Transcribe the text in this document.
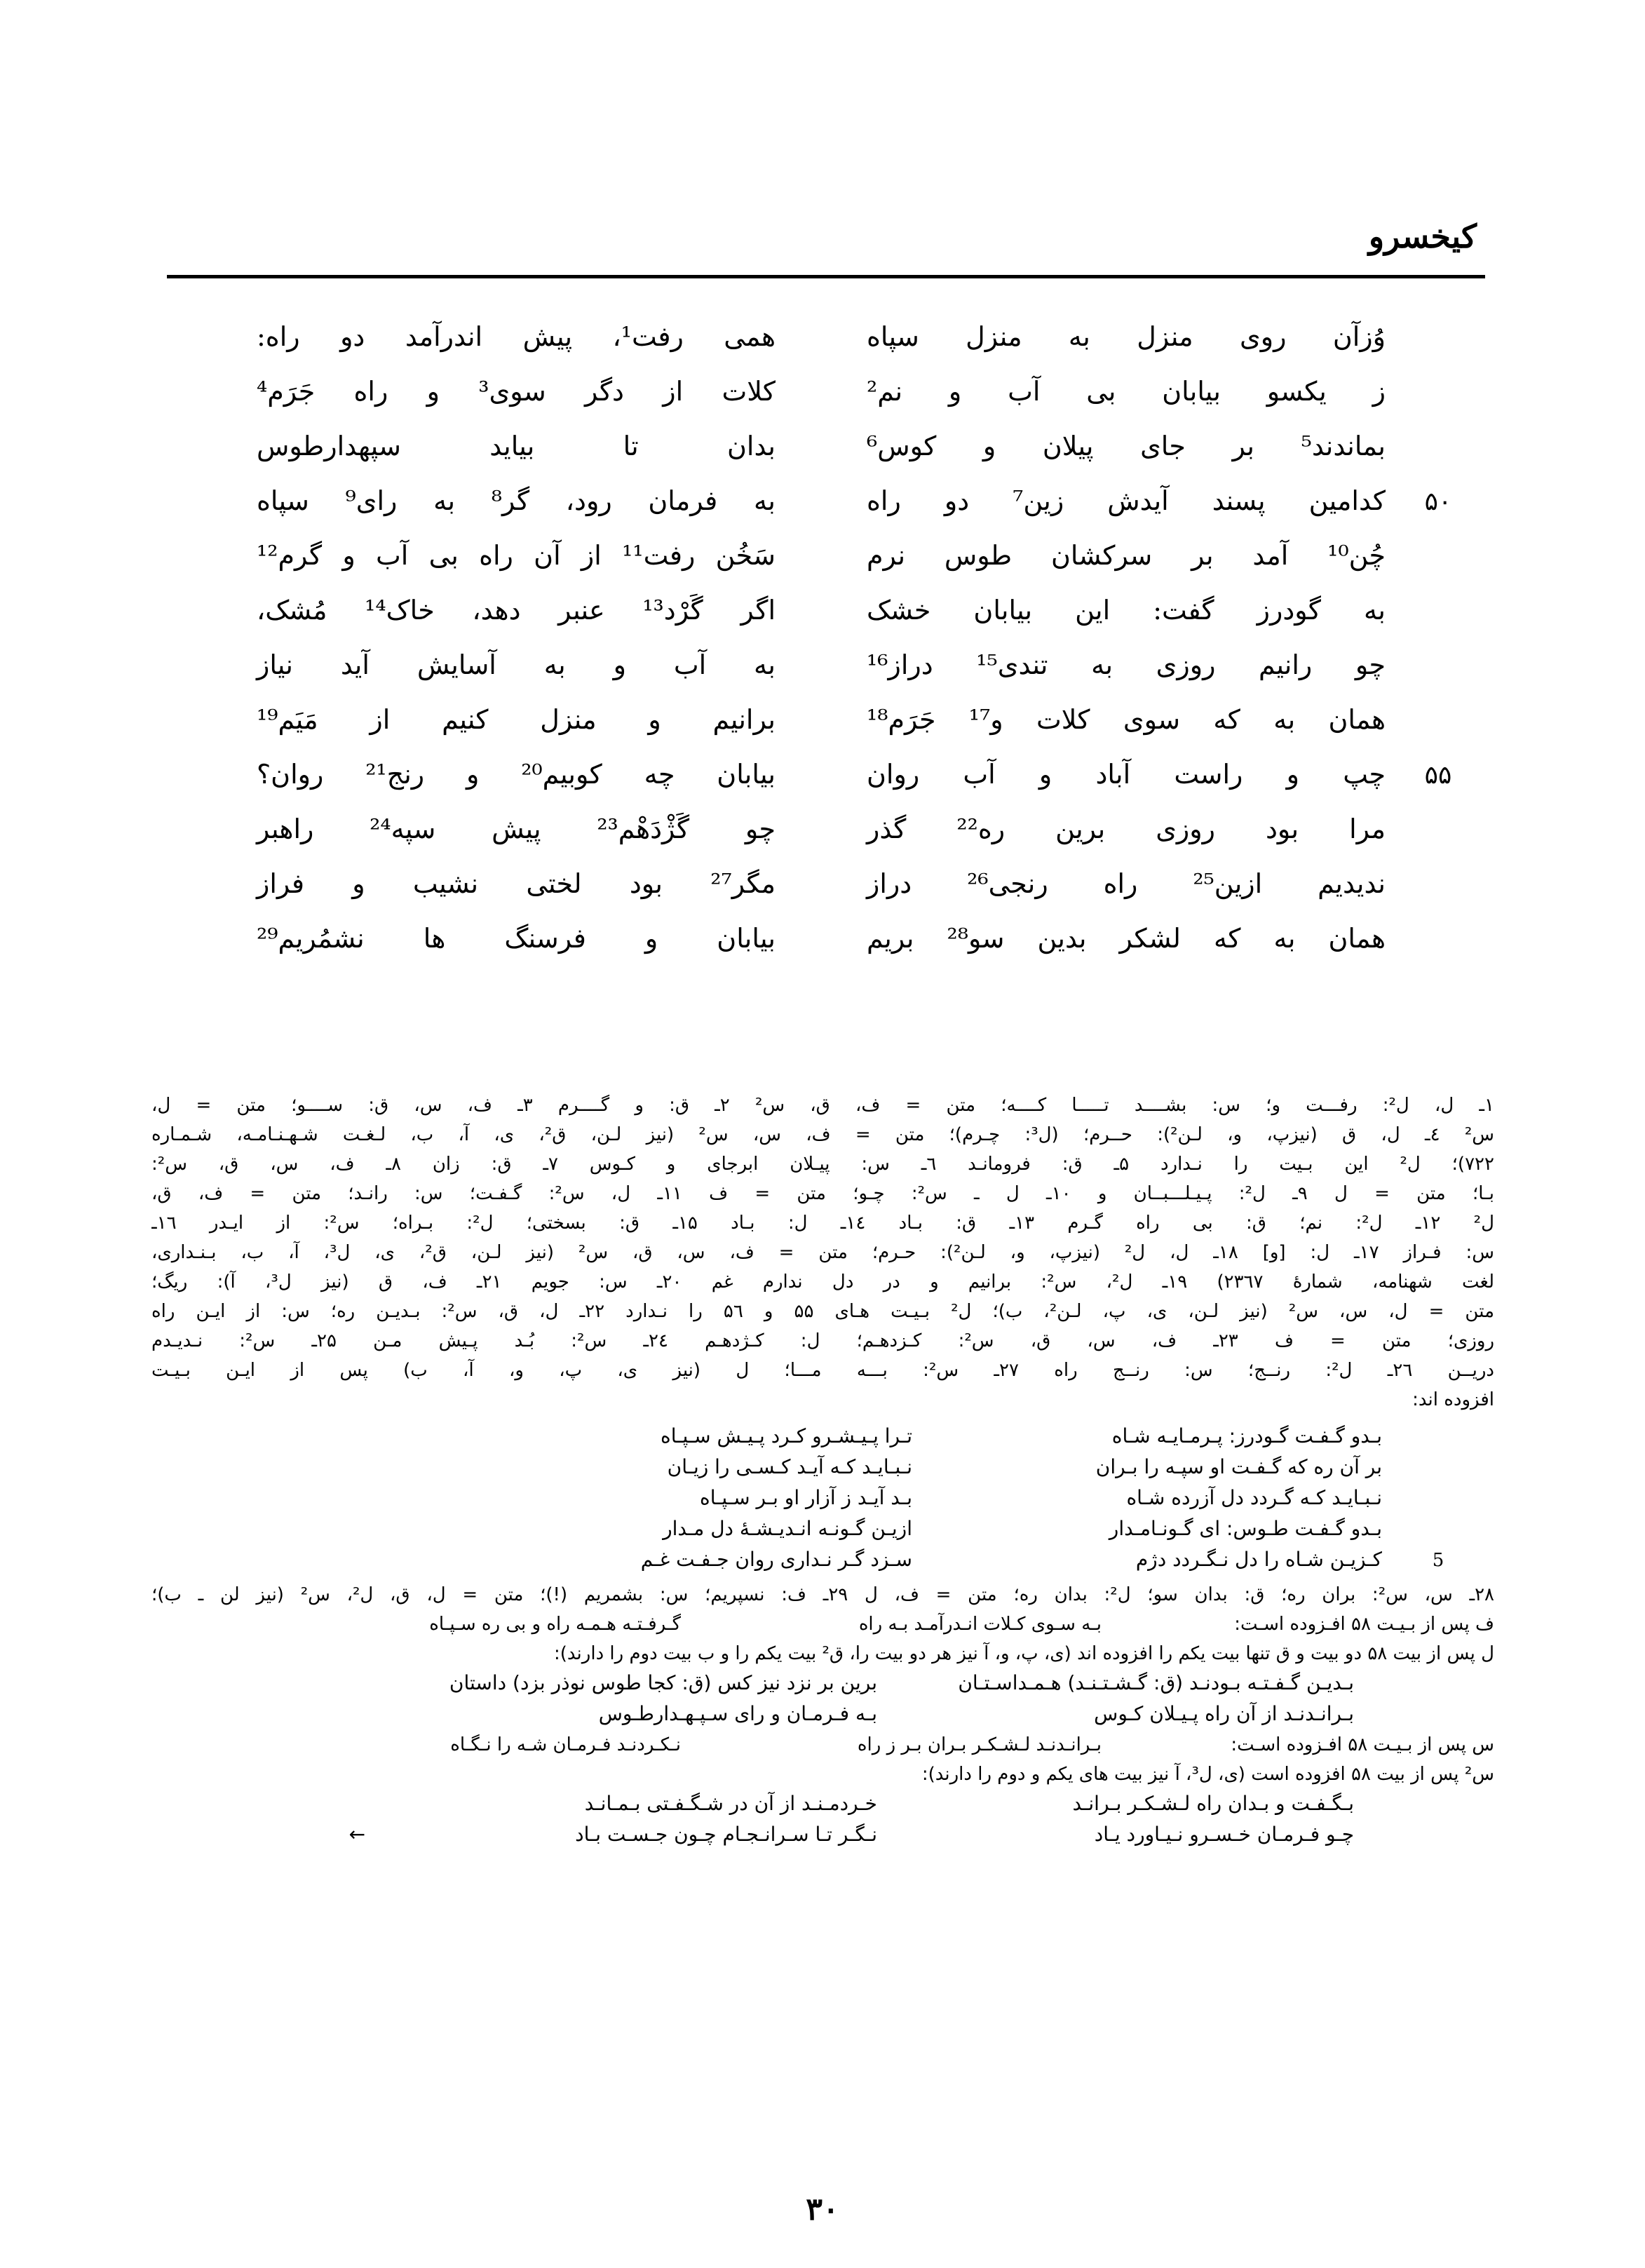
کیخسرو
وُزآن روی منزل به منزل سپاه
همی رفت¹، پیش اندرآمد دو راه:
ز یکسو بیابان بی آب و نم²
کلات از دگر سوی³ و راه جَرَم⁴
بماندند⁵ بر جای پیلان و کوس⁶
بدان تا بیاید سپهدارطوس
۵۰
کدامین پسند آیدش زین⁷ دو راه
به فرمان رود، گر⁸ به رای⁹ سپاه
چُن¹⁰ آمد بر سرکشان طوس نرم
سَخُن رفت¹¹ از آن راه بی آب و گرم¹²
به گودرز گفت: این بیابان خشک
اگر گَرْد¹³ عنبر دهد، خاک¹⁴ مُشک،
چو رانیم روزی به تندی¹⁵ دراز¹⁶
به آب و به آسایش آید نیاز
همان به که سوی کلات و¹⁷ جَرَم¹⁸
برانیم و منزل کنیم از مَیَم¹⁹
۵۵
چپ و راست آباد و آب روان
بیابان چه کوبیم²⁰ و رنج²¹ روان؟
مرا بود روزی برین ره²² گذر
چو گَژْدَهْم²³ پیش سپه²⁴ راهبر
ندیدیم ازین²⁵ راه رنجی²⁶ دراز
مگر²⁷ بود لختی نشیب و فراز
همان به که لشکر بدین سو²⁸ بریم
بیابان و فرسنگ ها نشمُریم²⁹
۱ـ ل، ل²: رفـــت و؛ س: بشــــد تـــــا کــــه؛ متن = ف، ق، س² ۲ـ ق: و گــــرم ۳ـ ف، س، ق: ســــو؛ متن = ل،
س² ٤ـ ل، ق (نیزپ، و، لـن²): حــرم؛ (ل³: چـرم)؛ متن = ف، س، س² (نیز لـن، ق²، ی، آ، ب، لـغـت شـهـنـامـه، شـمـاره
۷۲۲)؛ ل² این بـیت را نـدارد ۵ـ ق: فرومانـد ٦ـ س: پیـلان ابرجای و کـوس ۷ـ ق: زان ۸ـ ف، س، ق، س²:
بـا؛ متن = ل ۹ـ ل²: پـیـلـــبــان و ۱۰ـ ل ـ س²: چـو؛ متن = ف ۱۱ـ ل، س²: گـفـت؛ س: رانـد؛ متن = ف، ق،
ل² ۱۲ـ ل²: نم؛ ق: بی راه گـرم ۱۳ـ ق: بـاد ۱٤ـ ل: بـاد ۱۵ـ ق: بسختی؛ ل²: بـراه؛ س²: از ایـدر ۱٦ـ
س: فـراز ۱۷ـ ل: [و] ۱۸ـ ل، ل² (نیزپ، و، لـن²): حـرم؛ متن = ف، س، ق، س² (نیز لـن، ق²، ی، ل³، آ، ب، بـنـداری،
لغت شهنامه، شمارهٔ ۲۳٦۷) ۱۹ـ ل²، س²: برانیم و در دل ندارم غم ۲۰ـ س: جویم ۲۱ـ ف، ق (نیز ل³، آ): ریگ؛
متن = ل، س، س² (نیز لـن، ی، پ، لـن²، ب)؛ ل² بـیـت هـای ۵۵ و ۵٦ را نـدارد ۲۲ـ ل، ق، س²: بـدیـن ره؛ س: از ایـن راه
روزی؛ متن = ف ۲۳ـ ف، س، ق، س²: کـزدهـم؛ ل: کـژدهـم ۲٤ـ س²: بُـد پـیش مـن ۲۵ـ س²: نـدیـدم
دریــن ۲٦ـ ل²: رنــج؛ س: رنــج راه ۲۷ـ س²: بـــه مـــا؛ ل (نیز ی، پ، و، آ، ب) پس از ایـن بـیـت
افزوده اند:
بـدو گـفـت گـودرز: پـرمـایـه شـاه
تـرا پـیـشـرو کـرد پـیـش سـپـاه
بر آن ره که گـفـت او سپـه را بـران
نـبـایـد کـه آیـد کـسـی را زیـان
نـبـایـد کـه گـردد دل آزرده شـاه
بـد آیـد ز آزار او بـر سـپـاه
بـدو گـفـت طـوس: ای گـونـامـدار
ازیـن گـونـه انـدیـشـهٔ دل مـدار
5
کـزیـن شـاه را دل نـگـردد دژم
سـزد گـر نـداری روان جـفـت غـم
۲۸ـ س، س²: بران ره؛ ق: بدان سو؛ ل²: بدان ره؛ متن = ف، ل ۲۹ـ ف: نسپریم؛ س: بشمریم (!)؛ متن = ل، ق، ل²، س² (نیز لن ـ ب)؛
ف پس از بـیـت ۵۸ افـزوده اسـت:
بـه سـوی کـلات انـدرآمـد بـه راه
گـرفـتـه هـمـه راه و بی ره سـپـاه
ل پس از بیت ۵۸ دو بیت و ق تنها بیت یکم را افزوده اند (ی، پ، و، آ نیز هر دو بیت را، ق² بیت یکم را و ب بیت دوم را دارند):
بـدیـن گـفـتـه بـودنـد (ق: گـشـتـنـد) هـمـداسـتـان
برین بر نزد نیز کس (ق: کجا طوس نوذر بزد) داستان
بـرانـدنـد از آن راه پـیـلان کـوس
بـه فـرمـان و رای سـپـهـدارطـوس
س پس از بـیـت ۵۸ افـزوده اسـت:
بـرانـدنـد لـشـکـر بـران بـر ز راه
نـکـردنـد فـرمـان شـه را نـگـاه
س² پس از بیت ۵۸ افزوده است (ی، ل³، آ نیز بیت های یکم و دوم را دارند):
بـگـفـت و بـدان راه لـشـکـر بـرانـد
خـردمـنـد از آن در شـگـفـتی بـمـانـد
چـو فـرمـان خـسـرو نـیـاورد یـاد
نـگـر تـا سـرانـجـام چـون جـسـت بـاد
←
۳۰
